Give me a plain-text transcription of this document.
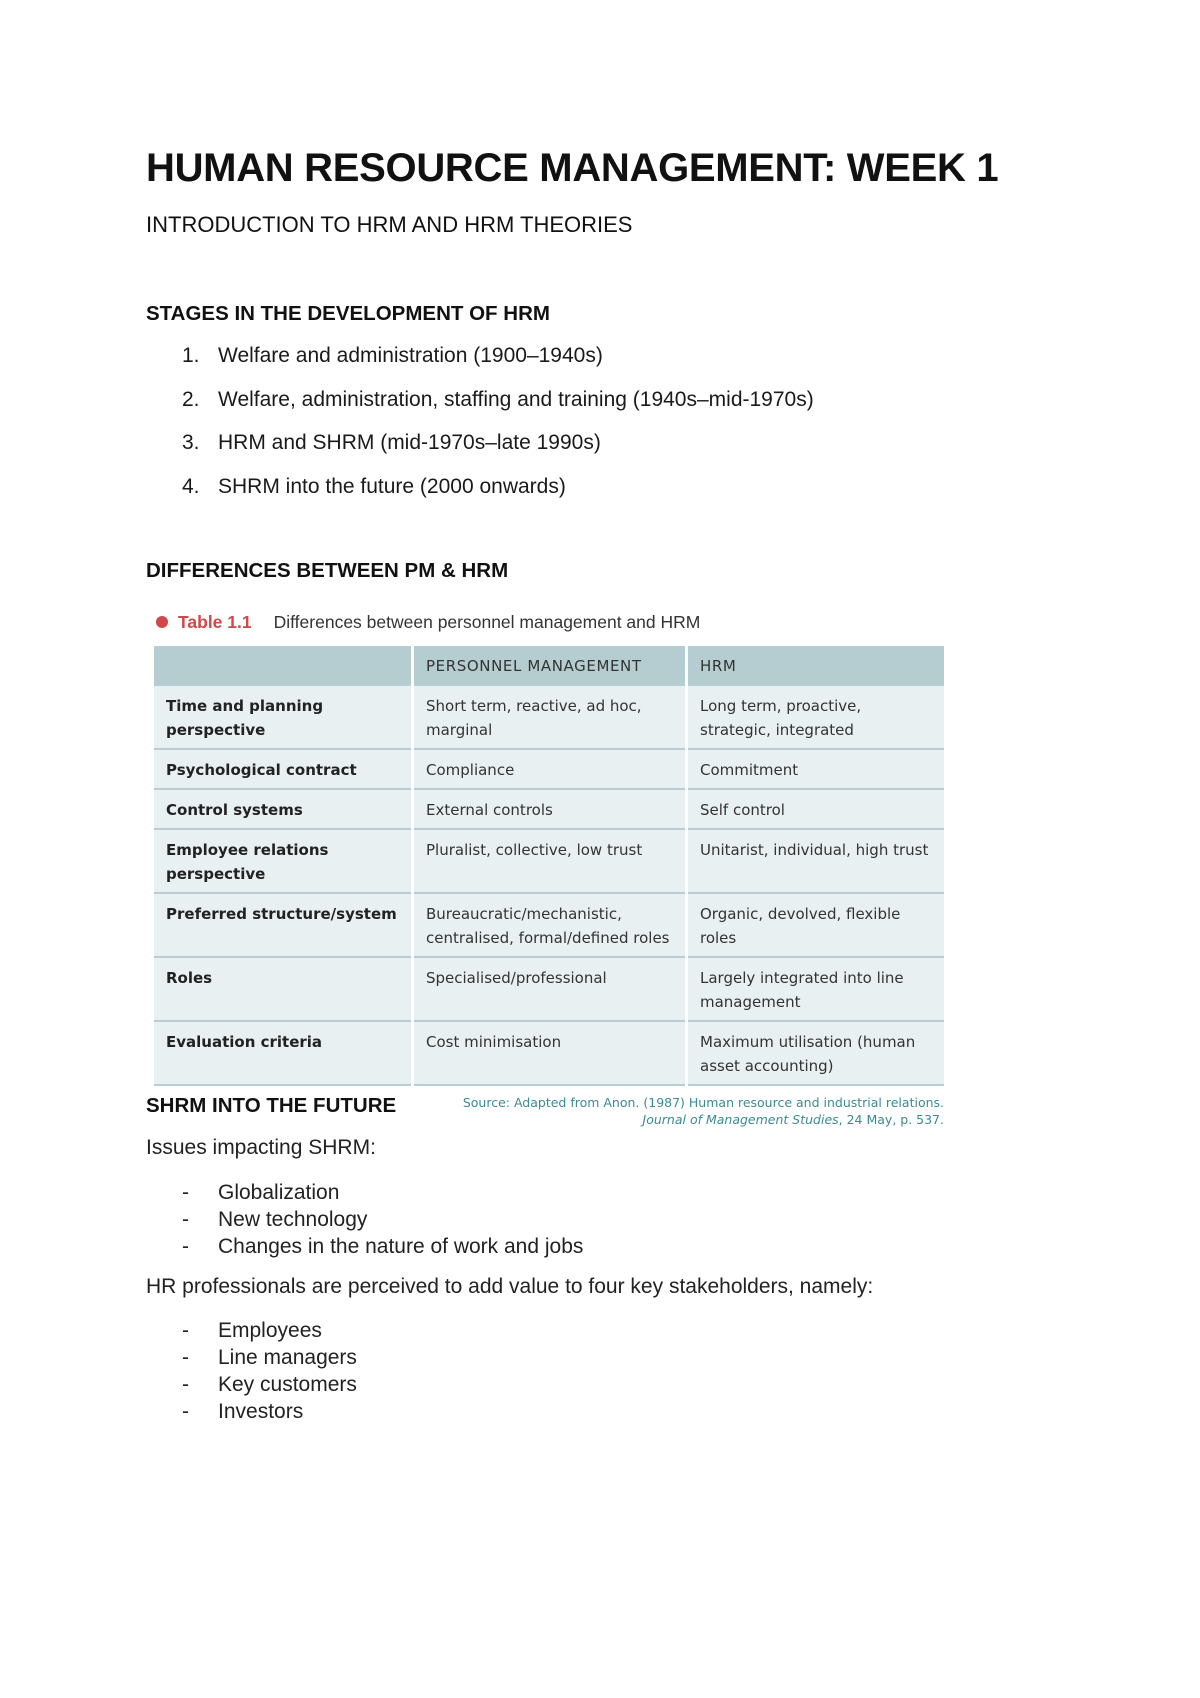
HUMAN RESOURCE MANAGEMENT: WEEK 1
INTRODUCTION TO HRM AND HRM THEORIES
STAGES IN THE DEVELOPMENT OF HRM
1. Welfare and administration (1900–1940s)
2. Welfare, administration, staffing and training (1940s–mid-1970s)
3. HRM and SHRM (mid-1970s–late 1990s)
4. SHRM into the future (2000 onwards)
DIFFERENCES BETWEEN PM & HRM
Table 1.1 Differences between personnel management and HRM
	PERSONNEL MANAGEMENT	HRM
Time and planning perspective	Short term, reactive, ad hoc, marginal	Long term, proactive, strategic, integrated
Psychological contract	Compliance	Commitment
Control systems	External controls	Self control
Employee relations perspective	Pluralist, collective, low trust	Unitarist, individual, high trust
Preferred structure/system	Bureaucratic/mechanistic, centralised, formal/defined roles	Organic, devolved, flexible roles
Roles	Specialised/professional	Largely integrated into line management
Evaluation criteria	Cost minimisation	Maximum utilisation (human asset accounting)
Source: Adapted from Anon. (1987) Human resource and industrial relations.
Journal of Management Studies, 24 May, p. 537.
SHRM INTO THE FUTURE

Issues impacting SHRM:

-	Globalization
-	New technology
-	Changes in the nature of work and jobs

HR professionals are perceived to add value to four key stakeholders, namely:

-	Employees
-	Line managers
-	Key customers
-	Investors
